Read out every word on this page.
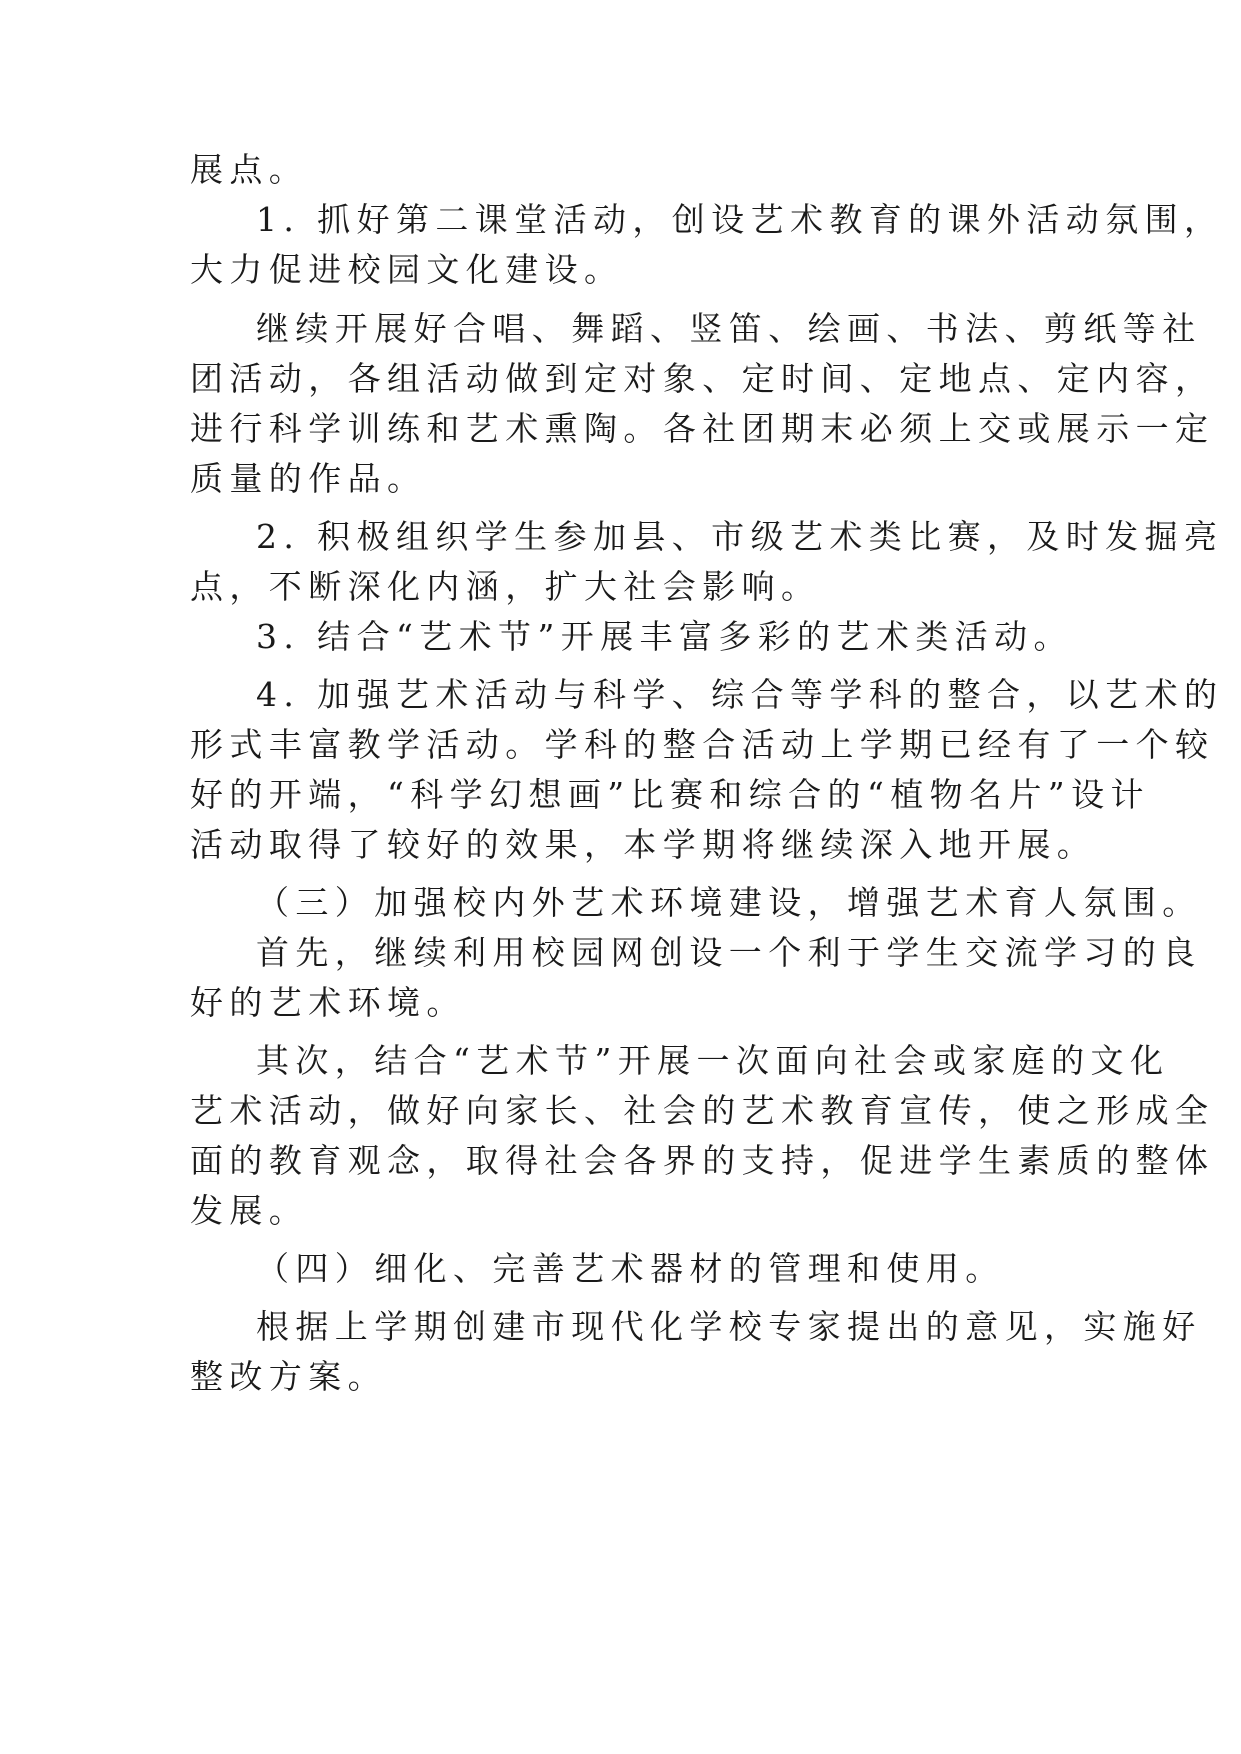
展点。
1. 抓好第二课堂活动，创设艺术教育的课外活动氛围，
大力促进校园文化建设。
继续开展好合唱、舞蹈、竖笛、绘画、书法、剪纸等社
团活动，各组活动做到定对象、定时间、定地点、定内容，
进行科学训练和艺术熏陶。各社团期末必须上交或展示一定
质量的作品。
2. 积极组织学生参加县、市级艺术类比赛，及时发掘亮
点，不断深化内涵，扩大社会影响。
3. 结合“艺术节”开展丰富多彩的艺术类活动。
4. 加强艺术活动与科学、综合等学科的整合，以艺术的
形式丰富教学活动。学科的整合活动上学期已经有了一个较
好的开端，“科学幻想画”比赛和综合的“植物名片”设计
活动取得了较好的效果，本学期将继续深入地开展。
（三）加强校内外艺术环境建设，增强艺术育人氛围。
首先，继续利用校园网创设一个利于学生交流学习的良
好的艺术环境。
其次，结合“艺术节”开展一次面向社会或家庭的文化
艺术活动，做好向家长、社会的艺术教育宣传，使之形成全
面的教育观念，取得社会各界的支持，促进学生素质的整体
发展。
（四）细化、完善艺术器材的管理和使用。
根据上学期创建市现代化学校专家提出的意见，实施好
整改方案。
